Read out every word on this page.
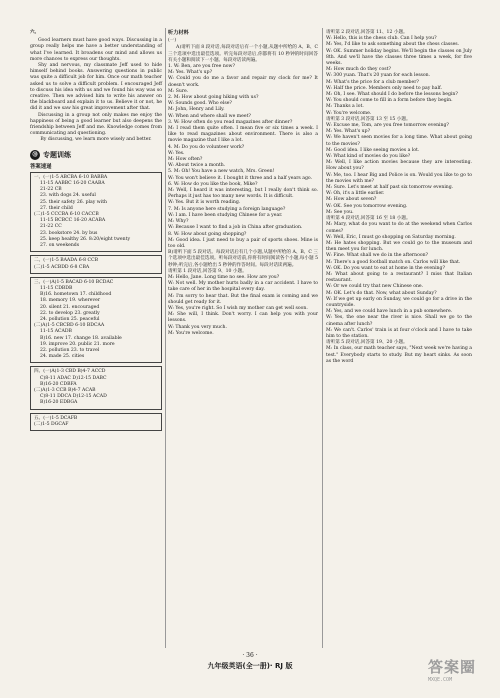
六、

Good learners must have good ways. Discussing in a group really helps me have a better understanding of what I've learned. It broadens our mind and allows us more chances to express our thoughts.

Shy and nervous, my classmate Jeff used to hide himself behind books. Answering questions in public was quite a difficult job for him. Once our math teacher asked us to solve a difficult problem. I encouraged Jeff to discuss his idea with us and we found his way was so creative. Then we advised him to write his answer on the blackboard and explain it to us. Believe it or not, he did it and we saw his great improvement after that.

Discussing in a group not only makes me enjoy the happiness of being a good learner but also deepens the friendship between Jeff and me. Knowledge comes from communicating and questioning.

By discussing, we learn more wisely and better.

⑳ 专题训练
答案速递

一、(一)1-5 ABCBA 6-10 BABBA

11-15 AABBC 16-20 CAABA

21-22 CB

23. with dogs 24. useful

25. their safety 26. play with

27. their child

(二)1-5 CCCBA 6-10 CACCB

11-15 BCBCC 16-20 ACABA

21-22 CC

23. bookstore 24. by bus

25. keep healthy 26. 8:20/eight twenty

27. on weekends

二、(一)1-5 BAADA 6-8 CCB

(二)1-5 ACBDD 6-8 CBA

三、(一)A)1-5 BACAD 6-10 BCDAC

11-15 CDBDB

B)16. hometown 17. childhood

18. memory 19. wherever

20. silent 21. encouraged

22. to develop 23. greatly

24. pollution 25. peaceful

(二)A)1-5 CBCBD 6-10 BDCAA

11-15 ACADB

B)16. new 17. change 18. available

19. improve 20. public 21. more

22. pollution 23. to travel

24. made 25. cities

四、(一)A)1-3 CBD B)4-7 ACCD

C)8-11 ADAC D)12-15 DABC

B)16-20 CDBFA

(二)A)1-3 CCB B)4-7 ACAB

C)8-11 DDCA D)12-15 ACAD

B)16-20 EDBGA

五、(一)1-5 DCAFB

(二)1-5 DGCAF

听力材料

(一)

A)请听下面 8 段对话,每段对话后有一个小题,从题中所给的 A、B、C 三个选项中选出最佳选项。听完每段对话后,你都将有 10 秒钟的时间回答有关小题和阅读下一小题。每段对话读两遍。

1. W: Ben, are you free now?

M: Yes. What's up?

W: Could you do me a favor and repair my clock for me? It doesn't work.

M: Sure.

2. M: How about going hiking with us?

W: Sounds good. Who else?

M: John, Henry and Lily.

W: When and where shall we meet?

3. W: How often do you read magazines after dinner?

M: I read them quite often. I mean five or six times a week. I like to read magazines about environment. There is also a movie magazine that I like a lot.

4. M: Do you do volunteer work?

W: Yes.

M: How often?

W: About twice a month.

5. M: Oh! You have a new watch, Mrs. Green!

W: You won't believe it. I bought it three and a half years ago.

6. W: How do you like the book, Mike?

M: Well, I heard it was interesting, but I really don't think so. Perhaps it just has too many new words. It is difficult.

W: Yes. But it is worth reading.

7. M: Is anyone here studying a foreign language?

W: I am. I have been studying Chinese for a year.

M: Why?

W: Because I want to find a job in China after graduation.

8. W: How about going shopping?

M: Good idea. I just need to buy a pair of sports shoes. Mine is too old.

B)请听下面 5 段对话。每段对话后有几个小题,从题中所给的 A、B、C 三个选项中选出最佳选项。听每段对话前,你将有时间阅读各个小题,每小题 5 秒钟;听完后,各小题给出 5 秒钟的作答时间。每段对话读两遍。

请听第 1 段对话,回答第 9、10 小题。

M: Hello, Jane. Long time no see. How are you?

W: Not well. My mother hurts badly in a car accident. I have to take care of her in the hospital every day.

M: I'm sorry to hear that. But the final exam is coming and we should get ready for it.

W: Yes, you're right. So I wish my mother can get well soon.

M: She will, I think. Don't worry. I can help you with your lessons.

W: Thank you very much.

M: You're welcome.

请听第 2 段对话,回答第 11、12 小题。

W: Hello, this is the chess club. Can I help you?

M: Yes, I'd like to ask something about the chess classes.

W: OK. Summer holiday begins. We'll begin the classes on July 8th. And we'll have the classes three times a week, for five weeks.

M: How much do they cost?

W: 300 yuan. That's 20 yuan for each lesson.

M: What's the price for a club member?

W: Half the price. Members only need to pay half.

M: Oh, I see. What should I do before the lessons begin?

W: You should come to fill in a form before they begin.

M: Thanks a lot.

W: You're welcome.

请听第 3 段对话,回答第 13 至 15 小题。

W: Excuse me, Tom, are you free tomorrow evening?

M: Yes. What's up?

W: We haven't seen movies for a long time. What about going to the movies?

M: Good idea. I like seeing movies a lot.

W: What kind of movies do you like?

M: Well, I like action movies because they are interesting. How about you?

W: Me, too. I hear Big and Police is on. Would you like to go to the movies with me?

M: Sure. Let's meet at half past six tomorrow evening.

W: Oh, it's a little earlier.

M: How about seven?

W: OK. See you tomorrow evening.

M: See you.

请听第 4 段对话,回答第 16 至 18 小题。

M: Mary, what do you want to do at the weekend when Carlos comes?

W: Well, Eric, I must go shopping on Saturday morning.

M: He hates shopping. But we could go to the museum and then meet you for lunch.

W: Fine. What shall we do in the afternoon?

M: There's a good football match on. Carlos will like that.

W: OK. Do you want to eat at home in the evening?

M: What about going to a restaurant? I miss that Italian restaurant.

W: Or we could try that new Chinese one.

M: OK. Let's do that. Now, what about Sunday?

W: If we get up early on Sunday, we could go for a drive in the countryside.

M: Yes, and we could have lunch in a pub somewhere.

W: Yes, the one near the river is nice. Shall we go to the cinema after lunch?

M: We can't. Carlos' train is at four o'clock and I have to take him to the station.

请听第 5 段对话,回答第 19、20 小题。

M: In class, our math teacher says, "Next week we're having a test." Everybody starts to study. But my heart sinks. As soon as the word

· 36 ·
九年级英语(全一册)· RJ 版	答案圈
MXQE.COM
